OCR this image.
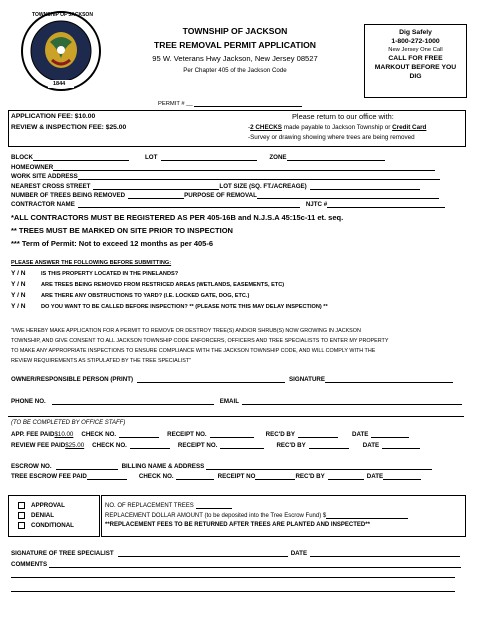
TOWNSHIP OF JACKSON
1844
TOWNSHIP OF JACKSON
TREE REMOVAL PERMIT APPLICATION
95 W. Veterans Hwy Jackson, New Jersey 08527
Per Chapter 405 of the Jackson Code
Dig Safely
1-800-272-1000
New Jersey One Call
CALL FOR FREE
MARKOUT BEFORE YOU
DIG
PERMIT # __
APPLICATION FEE: $10.00
REVIEW & INSPECTION FEE: $25.00
Please return to our office with:
-2 CHECKS made payable to Jackson Township or Credit Card
-Survey or drawing showing where trees are being removed
BLOCK	LOT	ZONE
HOMEOWNER
WORK SITE ADDRESS
NEAREST CROSS STREET	LOT SIZE (SQ. FT./ACREAGE)
NUMBER OF TREES BEING REMOVED	PURPOSE OF REMOVAL
CONTRACTOR NAME	NJTC #
*ALL CONTRACTORS MUST BE REGISTERED AS PER 405-16B and N.J.S.A 45:15c-11 et. seq.
** TREES MUST BE MARKED ON SITE PRIOR TO INSPECTION
*** Term of Permit: Not to exceed 12 months as per 405-6
PLEASE ANSWER THE FOLLOWING BEFORE SUBMITTING:
Y / N	IS THIS PROPERTY LOCATED IN THE PINELANDS?
Y / N	ARE TREES BEING REMOVED FROM RESTRICED AREAS (WETLANDS, EASEMENTS, ETC)
Y / N	ARE THERE ANY OBSTRUCTIONS TO YARD? (I.E. LOCKED GATE, DOG, ETC.)
Y / N	DO YOU WANT TO BE CALLED BEFORE INSPECTION? ** (PLEASE NOTE THIS MAY DELAY INSPECTION) **
"I/WE HEREBY MAKE APPLICATION FOR A PERMIT TO REMOVE OR DESTROY TREE(S) AND/OR SHRUB(S) NOW GROWING IN JACKSON
TOWNSHIP, AND GIVE CONSENT TO ALL JACKSON TOWNSHIP CODE ENFORCERS, OFFICERS AND TREE SPECIALISTS TO ENTER MY PROPERTY
TO MAKE ANY APPROPRIATE INSPECTIONS TO ENSURE COMPLIANCE WITH THE JACKSON TOWNSHIP CODE, AND WILL COMPLY WITH THE
REVIEW REQUIREMENTS AS STIPULATED BY THE TREE SPECIALIST"
OWNER/RESPONSIBLE PERSON (PRINT)	SIGNATURE
PHONE NO.	EMAIL
(TO BE COMPLETED BY OFFICE STAFF)
APP. FEE PAID $10.00 CHECK NO.	RECEIPT NO.	REC'D BY	DATE
REVIEW FEE PAID $25.00 CHECK NO.	RECEIPT NO.	REC'D BY	DATE
ESCROW NO.	BILLING NAME & ADDRESS
TREE ESCROW FEE PAID	CHECK NO.	RECEIPT NO	REC'D BY	DATE
APPROVAL
DENIAL
CONDITIONAL
NO. OF REPLACEMENT TREES
REPLACEMENT DOLLAR AMOUNT (to be deposited into the Tree Escrow Fund) $
**REPLACEMENT FEES TO BE RETURNED AFTER TREES ARE PLANTED AND INSPECTED**
SIGNATURE OF TREE SPECIALIST	DATE
COMMENTS
